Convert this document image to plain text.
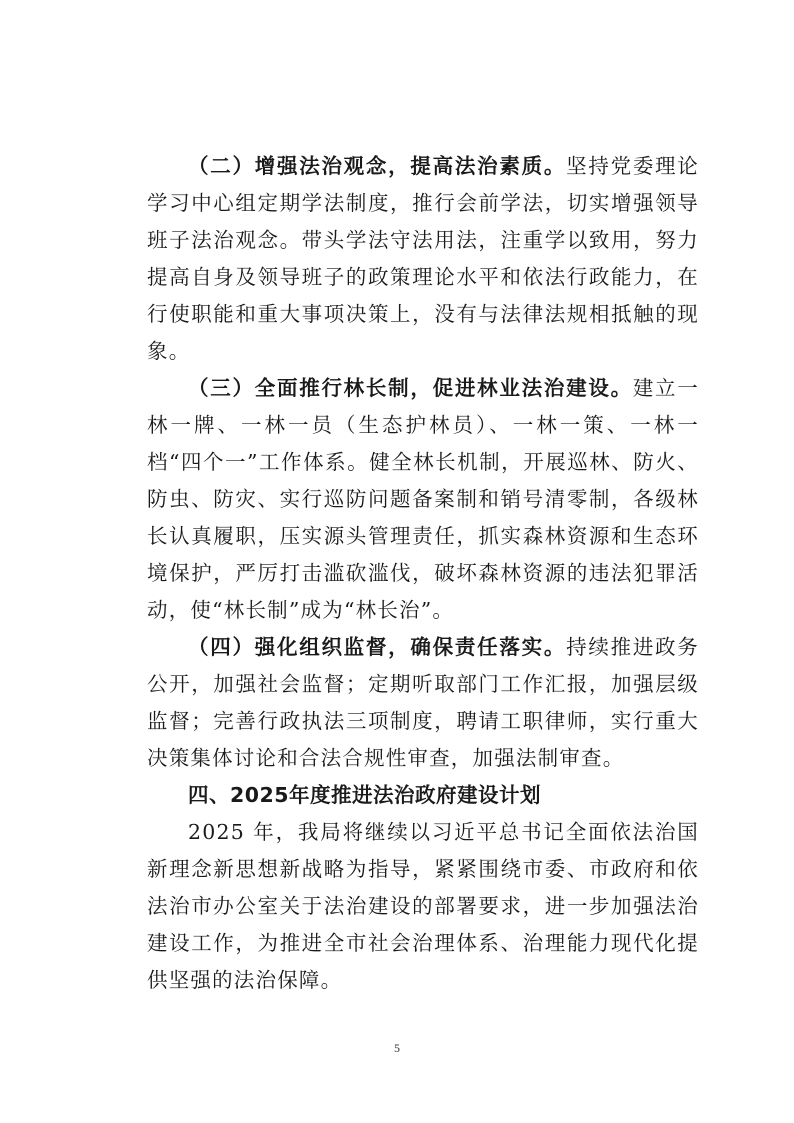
（二）增强法治观念，提高法治素质。坚持党委理论学习中心组定期学法制度，推行会前学法，切实增强领导班子法治观念。带头学法守法用法，注重学以致用，努力提高自身及领导班子的政策理论水平和依法行政能力，在行使职能和重大事项决策上，没有与法律法规相抵触的现象。

（三）全面推行林长制，促进林业法治建设。建立一林一牌、一林一员（生态护林员）、一林一策、一林一档“四个一”工作体系。健全林长机制，开展巡林、防火、防虫、防灾、实行巡防问题备案制和销号清零制，各级林长认真履职，压实源头管理责任，抓实森林资源和生态环境保护，严厉打击滥砍滥伐，破坏森林资源的违法犯罪活动，使“林长制”成为“林长治”。

（四）强化组织监督，确保责任落实。持续推进政务公开，加强社会监督；定期听取部门工作汇报，加强层级监督；完善行政执法三项制度，聘请工职律师，实行重大决策集体讨论和合法合规性审查，加强法制审查。

四、2025年度推进法治政府建设计划

2025 年，我局将继续以习近平总书记全面依法治国新理念新思想新战略为指导，紧紧围绕市委、市政府和依法治市办公室关于法治建设的部署要求，进一步加强法治建设工作，为推进全市社会治理体系、治理能力现代化提供坚强的法治保障。

5
